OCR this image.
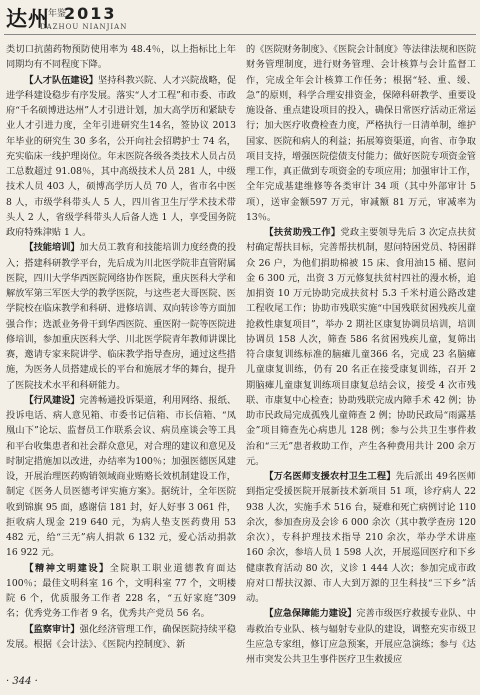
达州 2013
年鉴
DAZHOU NIANJIAN

类切口抗菌药物预防使用率为 48.4％，以上指标比上年同期均有不同程度下降。

【人才队伍建设】坚持科教兴院、人才兴院战略，促进学科建设稳步有序发展。落实“人才工程”和市委、市政府“千名硕博进达州”人才引进计划，加大高学历和紧缺专业人才引进力度，全年引进研究生14名，签协议 2013 年毕业的研究生 30 多名，公开向社会招聘护士 74 名，充实临床一线护理岗位。年末医院各级各类技术人员占员工总数超过 91.08％，其中高级技术人员 281 人，中级技术人员 403 人，硕博高学历人员 70 人，省市名中医 8 人，市级学科带头人 5 人，四川省卫生厅学术技术带头人 2 人，省级学科带头人后备人选 1 人，享受国务院政府特殊津贴 1 人。

【技能培训】加大员工教育和技能培训力度经费的投入；搭建科研教学平台，先后成为川北医学院非直管附属医院，四川大学华西医院网络协作医院，重庆医科大学和解放军第三军医大学的教学医院，与这些老大哥医院、医学院校在临床教学和科研、进修培训、双向转诊等方面加强合作；选派业务骨干到华西医院、重医附一院等医院进修培训，参加重庆医科大学、川北医学院青年教师讲课比赛，邀请专家来院讲学、临床教学指导查房，通过这些措施，为医务人员搭建成长的平台和施展才华的舞台，提升了医院技术水平和科研能力。

【行风建设】完善畅通投诉渠道，利用网络、报纸、投诉电话、病人意见箱、市委书记信箱、市长信箱、“凤凰山下”论坛、监督员工作联系会议、病员座谈会等工具和平台收集患者和社会群众意见，对合理的建议和意见及时制定措施加以改进，办结率为100％；加强医德医风建设，开展治理医药购销领域商业贿赂长效机制建设工作，制定《医务人员医德考评实施方案》。据统计，全年医院收到锦旗 95 面，感谢信 181 封，好人好事 3 061 件，拒收病人现金 219 640 元，为病人垫支医药费用 53 482 元，给“三无”病人捐款 6 132 元，爱心活动捐款 16 922 元。

【精神文明建设】全院职工职业道德教育面达100％；最佳文明科室 16 个，文明科室 77 个，文明楼院 6 个，优质服务工作者 228 名，“五好家庭”309 名；优秀党务工作者 9 名，优秀共产党员 56 名。

【监察审计】强化经济管理工作，确保医院持续平稳发展。根据《会计法》、《医院内控制度》、新

的《医院财务制度》、《医院会计制度》等法律法规和医院财务管理制度，进行财务管理、会计核算与会计监督工作，完成全年会计核算工作任务；根据“轻、重、缓、急”的原则，科学合理安排资金，保障科研教学、重要设施设备、重点建设项目的投入，确保日常医疗活动正常运行；加大医疗收费检查力度，严格执行一日清单制，维护国家、医院和病人的利益；拓展筹资渠道，向省、市争取项目支持，增强医院偿债支付能力；做好医院专项资金管理工作，真正做到专项资金的专项应用；加强审计工作，全年完成基建维修等各类审计 34 项（其中外部审计 5 项），送审金额597 万元，审减额 81 万元，审减率为 13％。

【扶贫助残工作】党政主要领导先后 3 次定点扶贫村确定帮扶目标，完善帮扶机制，慰问特困党员、特困群众 26 户，为他们捐助棉被 15 床、食用油15 桶、慰问金 6 300 元，出资 3 万元修复扶贫村四社的漫水桥，追加捐资 10 万元协助完成扶贫村 5.3 千米村道公路改建工程收尾工作；协助市残联实施“中国残联贫困残疾儿童抢救性康复项目”，举办 2 期社区康复协调员培训，培训协调员 158 人次，筛查 586 名贫困残疾儿童，复筛出符合康复训练标准的脑瘫儿童366 名，完成 23 名脑瘫儿童康复训练，仍有 20 名正在接受康复训练，召开 2 期脑瘫儿童康复训练项目康复总结会议，接受 4 次市残联、市康复中心检查；协助残联完成内障手术 42 例；协助市民政局完成孤残儿童筛查 2 例；协助民政局“雨露基金”项目筛查先心病患儿 128 例；参与公共卫生事件救治和“三无”患者救助工作，产生各种费用共计 200 余万元。

【万名医师支援农村卫生工程】先后派出 49名医师到指定受援医院开展新技术新项目 51 项，诊疗病人 22 938 人次，实施手术 516 台，疑难和死亡病例讨论 110 余次，参加查房及会诊 6 000 余次（其中教学查房 120 余次），专科护理技术指导 210 余次，举办学术讲座 160 余次，参培人员 1 598 人次，开展巡回医疗和下乡健康教育活动 80 次，义诊 1 444 人次；参加完成市政府对口帮扶汉源、市人大到万源的卫生科技“三下乡”活动。

【应急保障能力建设】完善市级医疗救援专业队、中毒救治专业队、核与辐射专业队的建设，调整充实市级卫生应急专家组，修订应急预案，开展应急演练；参与《达州市突发公共卫生事件医疗卫生救援应

· 344 ·
